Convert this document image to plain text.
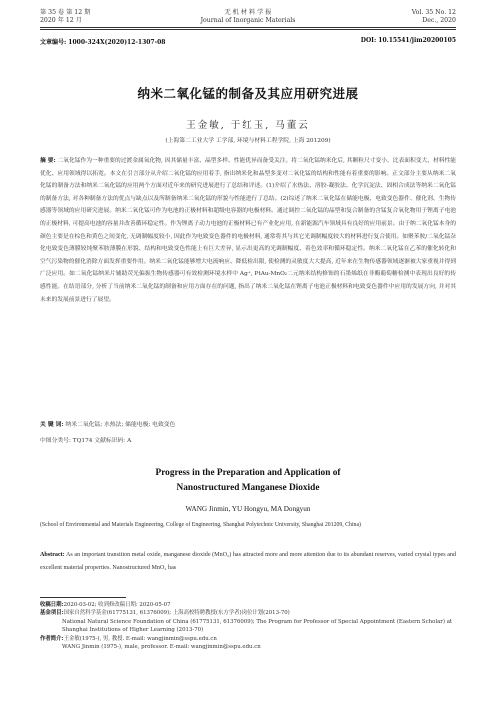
第 35 卷 第 12 期
2020 年 12 月
无 机 材 料 学 报
Journal of Inorganic Materials
Vol. 35 No. 12
Dec., 2020
文章编号: 1000-324X(2020)12-1307-08	DOI: 10.15541/jim20200105
纳米二氧化锰的制备及其应用研究进展
王金敏, 于红玉, 马董云
(上海第二工业大学 工学部, 环境与材料工程学院, 上海 201209)
摘 要: 二氧化锰作为一种重要的过渡金属氧化物, 因其储量丰富、晶型多样、性能优异而备受关注。将二氧化锰纳米化后, 其颗粒尺寸变小、比表面积变大、材料性能优化、应用领域得以拓宽。本文在引言部分从介绍二氧化锰的应用着手, 指出纳米化和晶型多变对二氧化锰的结构和性能有着重要的影响。正文部分主要从纳米二氧化锰的制备方法和纳米二氧化锰的应用两个方面对近年来的研究进展进行了总结和评述。(1)介绍了水热法、溶胶-凝胶法、化学沉淀法、固相合成法等纳米二氧化锰的制备方法, 对各种制备方法的优点与缺点以及所制备纳米二氧化锰的形貌与性能进行了总结。(2)综述了纳米二氧化锰在储能电极、电致变色器件、催化剂、生物传感器等领域的应用研究进展。纳米二氧化锰可作为电池的正极材料和超级电容器的电极材料。通过调控二氧化锰的晶型和复合制备的含锰复合氧化物用于锂离子电池的正极材料, 可提高电池的容量并改善循环稳定性。作为锂离子动力电池的正极材料已有产业化应用, 在新能源汽车领域具有良好的应用前景。由于纳二氧化锰本身的颜色主要是在棕色和黄色之间变化, 无调制幅度较小, 因此作为电致变色器件的电极材料, 通常将其与其它光调制幅度较大的材料进行复合使用。如聚苯胺/二氧化锰杂化电致变色薄膜较纯聚苯胺薄膜在形貌、结构和电致变色性能上有巨大差异, 显示出更高的光调制幅度、着色效率和循环稳定性。纳米二氧化锰在乙苯的催化转化和空气污染物的催化消除方面发挥重要作用。纳米二氧化锰能够增大电流响应、降低检出限, 使检测的灵敏度大大提高, 近年来在生物传感器领域逐渐被大家重视并得到广泛应用。如二氧化锰纳米片辅助荧光偏振生物传感器可有效检测环境水样中 Ag⁺, PtAu-MnO₂二元纳米结构修饰的石墨烯纸在非酶葡萄糖检测中表现出良好的传感性能。在结语部分, 分析了当前纳米二氧化锰的制备和应用方面存在的问题, 指出了纳米二氧化锰在锂离子电池正极材料和电致变色器件中应用的发展方向, 并对其未来的发展前景进行了展望。
关 键 词: 纳米二氧化锰; 水热法; 储能电极; 电致变色
中图分类号: TQ174 文献标识码: A
Progress in the Preparation and Application of
Nanostructured Manganese Dioxide
WANG Jinmin, YU Hongyu, MA Dongyun
(School of Environmental and Materials Engineering, College of Engineering, Shanghai Polytechnic University, Shanghai 201209, China)
Abstract: As an important transition metal oxide, manganese dioxide (MnO₂) has attracted more and more attention due to its abundant reserves, varied crystal types and excellent material properties. Nanostructured MnO₂ has
收稿日期: 2020-03-02; 收到修改稿日期: 2020-05-07
基金项目: 国家自然科学基金(61775131, 61376009); 上海高校特聘教授(东方学者)岗位计划(2013-70)
National Natural Science Foundation of China (61775131, 61376009); The Program for Professor of Special Appointment (Eastern Scholar) at Shanghai Institutions of Higher Learning (2013-70)
作者简介: 王金敏(1975-), 男, 教授. E-mail: wangjinmin@sspu.edu.cn
WANG Jinmin (1975-), male, professor. E-mail: wangjinmin@sspu.edu.cn
